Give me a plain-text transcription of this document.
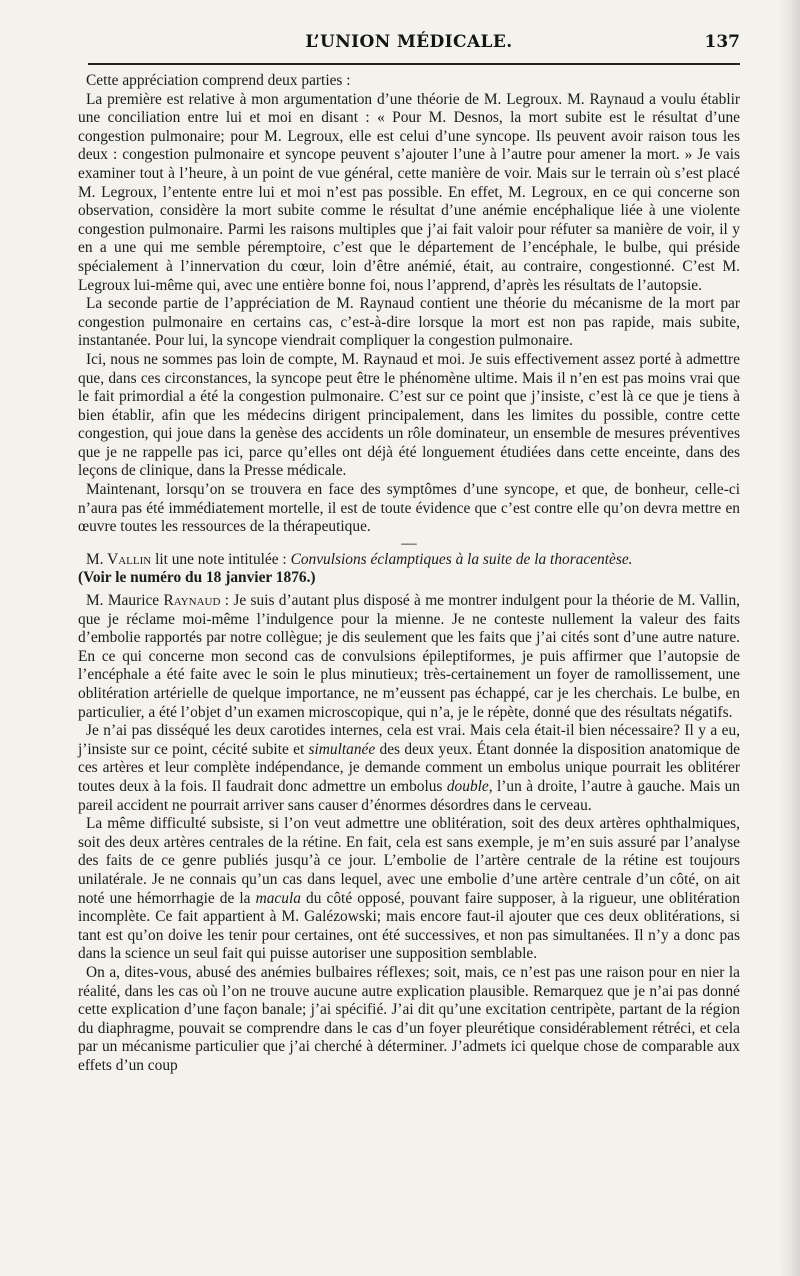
L’UNION MÉDICALE.	137

Cette appréciation comprend deux parties :

La première est relative à mon argumentation d’une théorie de M. Legroux. M. Raynaud a voulu établir une conciliation entre lui et moi en disant : « Pour M. Desnos, la mort subite est le résultat d’une congestion pulmonaire; pour M. Legroux, elle est celui d’une syncope. Ils peuvent avoir raison tous les deux : congestion pulmonaire et syncope peuvent s’ajouter l’une à l’autre pour amener la mort. » Je vais examiner tout à l’heure, à un point de vue général, cette manière de voir. Mais sur le terrain où s’est placé M. Legroux, l’entente entre lui et moi n’est pas possible. En effet, M. Legroux, en ce qui concerne son observation, considère la mort subite comme le résultat d’une anémie encéphalique liée à une violente congestion pulmonaire. Parmi les raisons multiples que j’ai fait valoir pour réfuter sa manière de voir, il y en a une qui me semble péremptoire, c’est que le département de l’encéphale, le bulbe, qui préside spécialement à l’innervation du cœur, loin d’être anémié, était, au contraire, congestionné. C’est M. Legroux lui-même qui, avec une entière bonne foi, nous l’apprend, d’après les résultats de l’autopsie.

La seconde partie de l’appréciation de M. Raynaud contient une théorie du mécanisme de la mort par congestion pulmonaire en certains cas, c’est-à-dire lorsque la mort est non pas rapide, mais subite, instantanée. Pour lui, la syncope viendrait compliquer la congestion pulmonaire.

Ici, nous ne sommes pas loin de compte, M. Raynaud et moi. Je suis effectivement assez porté à admettre que, dans ces circonstances, la syncope peut être le phénomène ultime. Mais il n’en est pas moins vrai que le fait primordial a été la congestion pulmonaire. C’est sur ce point que j’insiste, c’est là ce que je tiens à bien établir, afin que les médecins dirigent principalement, dans les limites du possible, contre cette congestion, qui joue dans la genèse des accidents un rôle dominateur, un ensemble de mesures préventives que je ne rappelle pas ici, parce qu’elles ont déjà été longuement étudiées dans cette enceinte, dans des leçons de clinique, dans la Presse médicale.

Maintenant, lorsqu’on se trouvera en face des symptômes d’une syncope, et que, de bonheur, celle-ci n’aura pas été immédiatement mortelle, il est de toute évidence que c’est contre elle qu’on devra mettre en œuvre toutes les ressources de la thérapeutique.

—

M. Vallin lit une note intitulée : Convulsions éclamptiques à la suite de la thoracentèse.

(Voir le numéro du 18 janvier 1876.)

M. Maurice Raynaud : Je suis d’autant plus disposé à me montrer indulgent pour la théorie de M. Vallin, que je réclame moi-même l’indulgence pour la mienne. Je ne conteste nullement la valeur des faits d’embolie rapportés par notre collègue; je dis seulement que les faits que j’ai cités sont d’une autre nature. En ce qui concerne mon second cas de convulsions épileptiformes, je puis affirmer que l’autopsie de l’encéphale a été faite avec le soin le plus minutieux; très-certainement un foyer de ramollissement, une oblitération artérielle de quelque importance, ne m’eussent pas échappé, car je les cherchais. Le bulbe, en particulier, a été l’objet d’un examen microscopique, qui n’a, je le répète, donné que des résultats négatifs.

Je n’ai pas disséqué les deux carotides internes, cela est vrai. Mais cela était-il bien nécessaire? Il y a eu, j’insiste sur ce point, cécité subite et simultanée des deux yeux. Étant donnée la disposition anatomique de ces artères et leur complète indépendance, je demande comment un embolus unique pourrait les oblitérer toutes deux à la fois. Il faudrait donc admettre un embolus double, l’un à droite, l’autre à gauche. Mais un pareil accident ne pourrait arriver sans causer d’énormes désordres dans le cerveau.

La même difficulté subsiste, si l’on veut admettre une oblitération, soit des deux artères ophthalmiques, soit des deux artères centrales de la rétine. En fait, cela est sans exemple, je m’en suis assuré par l’analyse des faits de ce genre publiés jusqu’à ce jour. L’embolie de l’artère centrale de la rétine est toujours unilatérale. Je ne connais qu’un cas dans lequel, avec une embolie d’une artère centrale d’un côté, on ait noté une hémorrhagie de la macula du côté opposé, pouvant faire supposer, à la rigueur, une oblitération incomplète. Ce fait appartient à M. Galézowski; mais encore faut-il ajouter que ces deux oblitérations, si tant est qu’on doive les tenir pour certaines, ont été successives, et non pas simultanées. Il n’y a donc pas dans la science un seul fait qui puisse autoriser une supposition semblable.

On a, dites-vous, abusé des anémies bulbaires réflexes; soit, mais, ce n’est pas une raison pour en nier la réalité, dans les cas où l’on ne trouve aucune autre explication plausible. Remarquez que je n’ai pas donné cette explication d’une façon banale; j’ai spécifié. J’ai dit qu’une excitation centripète, partant de la région du diaphragme, pouvait se comprendre dans le cas d’un foyer pleurétique considérablement rétréci, et cela par un mécanisme particulier que j’ai cherché à déterminer. J’admets ici quelque chose de comparable aux effets d’un coup
